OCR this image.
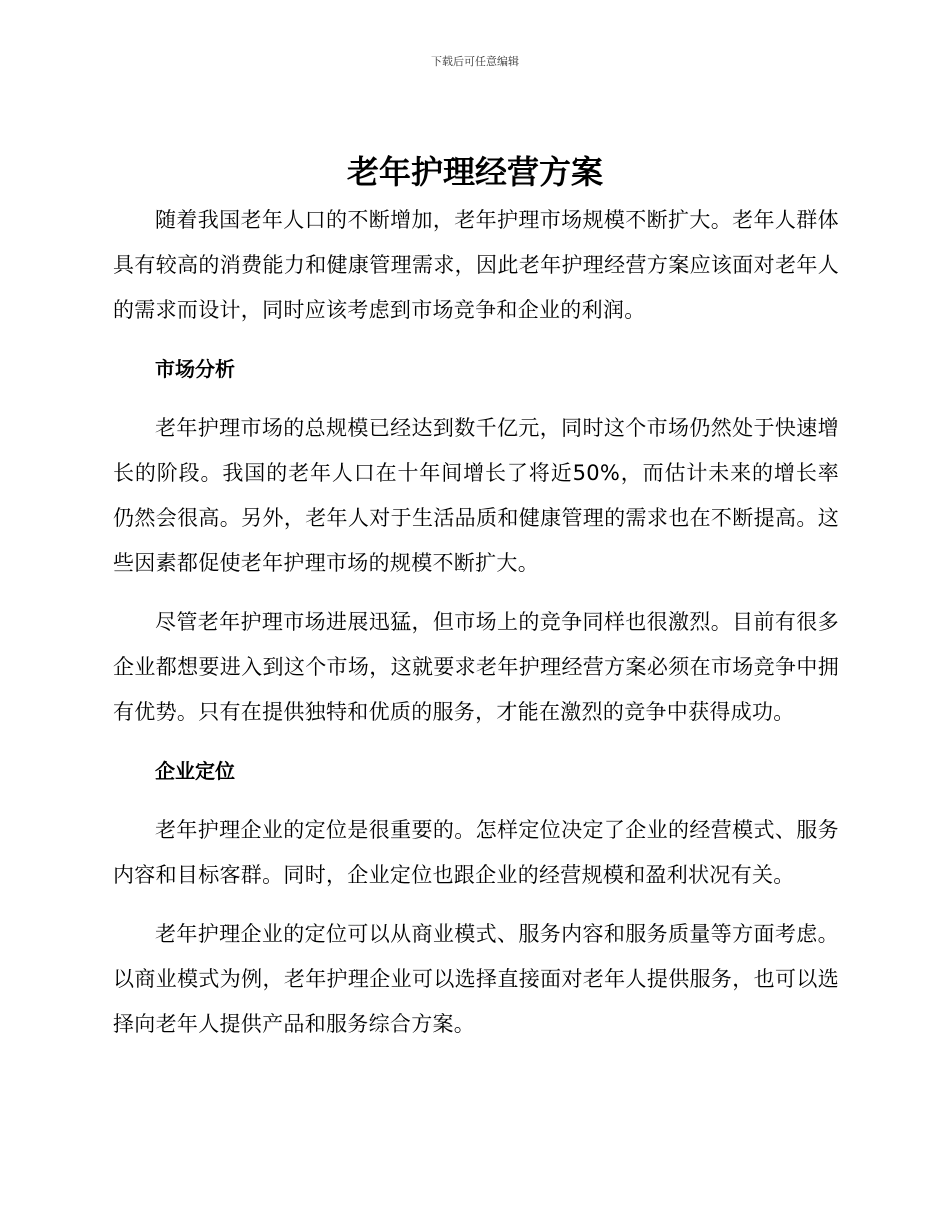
下载后可任意编辑
老年护理经营方案

随着我国老年人口的不断增加，老年护理市场规模不断扩大。老年人群体具有较高的消费能力和健康管理需求，因此老年护理经营方案应该面对老年人的需求而设计，同时应该考虑到市场竞争和企业的利润。

市场分析

老年护理市场的总规模已经达到数千亿元，同时这个市场仍然处于快速增长的阶段。我国的老年人口在十年间增长了将近50%，而估计未来的增长率仍然会很高。另外，老年人对于生活品质和健康管理的需求也在不断提高。这些因素都促使老年护理市场的规模不断扩大。

尽管老年护理市场进展迅猛，但市场上的竞争同样也很激烈。目前有很多企业都想要进入到这个市场，这就要求老年护理经营方案必须在市场竞争中拥有优势。只有在提供独特和优质的服务，才能在激烈的竞争中获得成功。

企业定位

老年护理企业的定位是很重要的。怎样定位决定了企业的经营模式、服务内容和目标客群。同时，企业定位也跟企业的经营规模和盈利状况有关。

老年护理企业的定位可以从商业模式、服务内容和服务质量等方面考虑。以商业模式为例，老年护理企业可以选择直接面对老年人提供服务，也可以选择向老年人提供产品和服务综合方案。
